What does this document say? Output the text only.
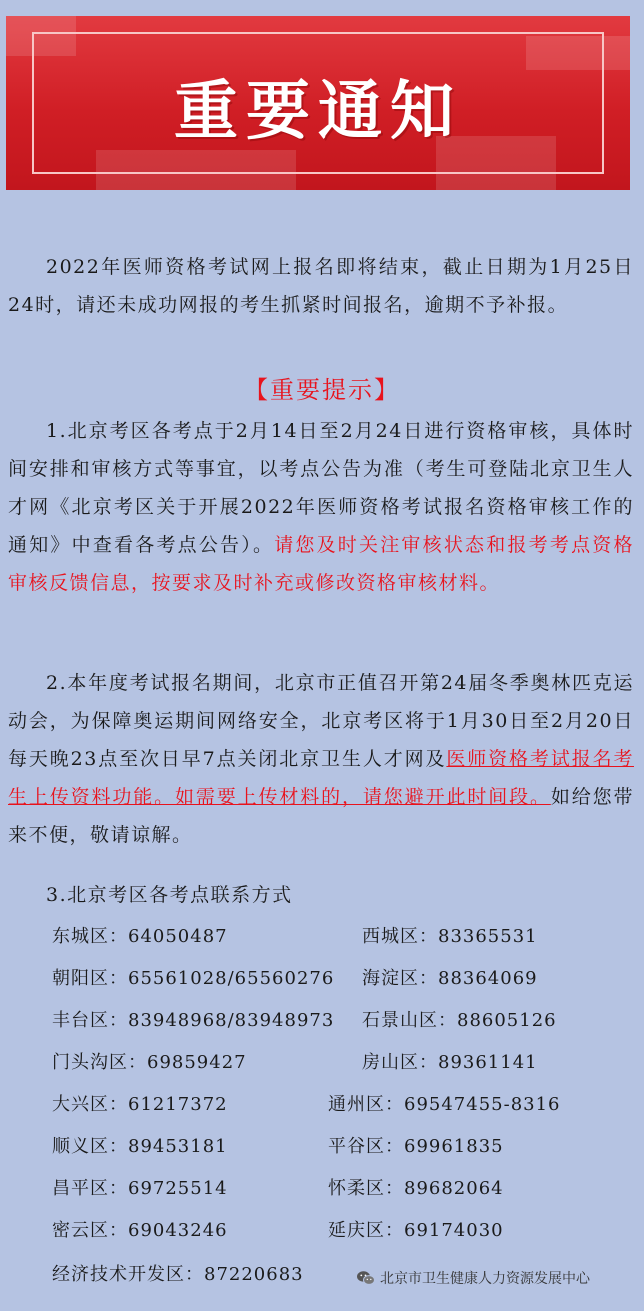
重要通知

2022年医师资格考试网上报名即将结束，截止日期为1月25日24时，请还未成功网报的考生抓紧时间报名，逾期不予补报。

【重要提示】

1.北京考区各考点于2月14日至2月24日进行资格审核，具体时间安排和审核方式等事宜，以考点公告为准（考生可登陆北京卫生人才网《北京考区关于开展2022年医师资格考试报名资格审核工作的通知》中查看各考点公告）。请您及时关注审核状态和报考考点资格审核反馈信息，按要求及时补充或修改资格审核材料。

2.本年度考试报名期间，北京市正值召开第24届冬季奥林匹克运动会，为保障奥运期间网络安全，北京考区将于1月30日至2月20日每天晚23点至次日早7点关闭北京卫生人才网及医师资格考试报名考生上传资料功能。如需要上传材料的，请您避开此时间段。如给您带来不便，敬请谅解。

3.北京考区各考点联系方式
东城区：64050487	西城区：83365531
朝阳区：65561028/65560276 海淀区：88364069
丰台区：83948968/83948973 石景山区：88605126
门头沟区：69859427	房山区：89361141
大兴区：61217372	通州区：69547455-8316
顺义区：89453181	平谷区：69961835
昌平区：69725514	怀柔区：89682064
密云区：69043246	延庆区：69174030
经济技术开发区：87220683	北京市卫生健康人力资源发展中心
